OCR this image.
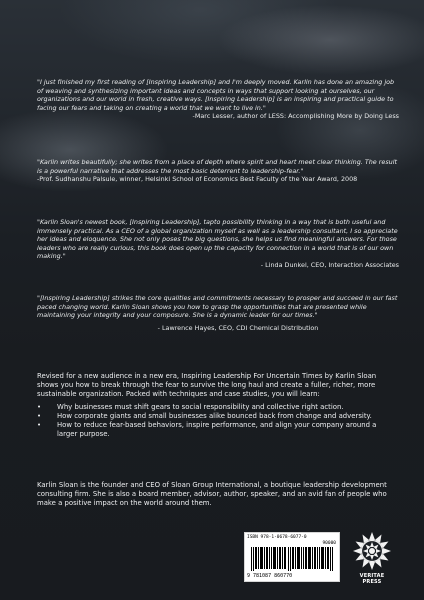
"I just finished my first reading of [Inspiring Leadership] and I'm deeply moved. Karlin has done an amazing job of weaving and synthesizing important ideas and concepts in ways that support looking at ourselves, our organizations and our world in fresh, creative ways. [Inspiring Leadership] is an inspiring and practical guide to facing our fears and taking on creating a world that we want to live in."
-Marc Lesser, author of LESS: Accomplishing More by Doing Less
"Karlin writes beautifully; she writes from a place of depth where spirit and heart meet clear thinking. The result is a powerful narrative that addresses the most basic deterrent to leadership-fear."
-Prof. Sudhanshu Palsule, winner, Helsinki School of Economics Best Faculty of the Year Award, 2008
"Karlin Sloan's newest book, [Inspiring Leadership], tapto possibility thinking in a way that is both useful and immensely practical. As a CEO of a global organization myself as well as a leadership consultant, I so appreciate her ideas and eloquence. She not only poses the big questions, she helps us find meaningful answers. For those leaders who are really curious, this book does open up the capacity for connection in a world that is of our own making."
- Linda Dunkel, CEO, Interaction Associates
"[Inspiring Leadership] strikes the core qualities and commitments necessary to prosper and succeed in our fast paced changing world. Karlin Sloan shows you how to grasp the opportunities that are presented while maintaining your integrity and your composure. She is a dynamic leader for our times."
- Lawrence Hayes, CEO, CDI Chemical Distribution
Revised for a new audience in a new era, Inspiring Leadership For Uncertain Times by Karlin Sloan shows you how to break through the fear to survive the long haul and create a fuller, richer, more sustainable organization. Packed with techniques and case studies, you will learn:
• Why businesses must shift gears to social responsibility and collective right action.
• How corporate giants and small businesses alike bounced back from change and adversity.
• How to reduce fear-based behaviors, inspire performance, and align your company around a larger purpose.
Karlin Sloan is the founder and CEO of Sloan Group International, a boutique leadership development consulting firm. She is also a board member, advisor, author, speaker, and an avid fan of people who make a positive impact on the world around them.
ISBN 978-1-0678-6077-0
90000
9 781087 860770	VERITAE PRESS
